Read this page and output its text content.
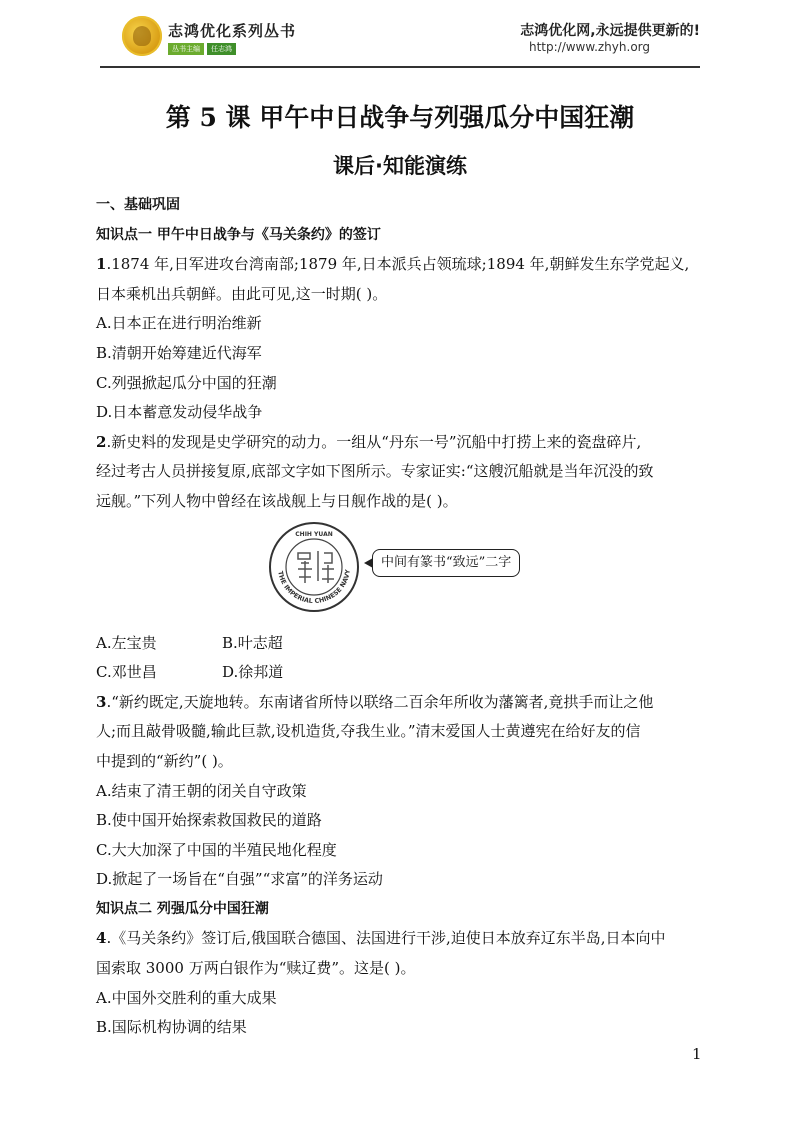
志鸿优化系列丛书
丛书主编	任志鸿
志鸿优化网,永远提供更新的!
http://www.zhyh.org
第 5 课 甲午中日战争与列强瓜分中国狂潮
课后·知能演练
一、基础巩固
知识点一 甲午中日战争与《马关条约》的签订
1.1874 年,日军进攻台湾南部;1879 年,日本派兵占领琉球;1894 年,朝鲜发生东学党起义,
日本乘机出兵朝鲜。由此可见,这一时期( )。
A.日本正在进行明治维新
B.清朝开始筹建近代海军
C.列强掀起瓜分中国的狂潮
D.日本蓄意发动侵华战争
2.新史料的发现是史学研究的动力。一组从“丹东一号”沉船中打捞上来的瓷盘碎片,
经过考古人员拼接复原,底部文字如下图所示。专家证实:“这艘沉船就是当年沉没的致
远舰。”下列人物中曾经在该战舰上与日舰作战的是( )。
THE IMPERIAL CHINESE NAVY
CHIH YUAN
中间有篆书“致远”二字
A.左宝贵	B.叶志超
C.邓世昌	D.徐邦道
3.“新约既定,天旋地转。东南诸省所恃以联络二百余年所收为藩篱者,竟拱手而让之他
人;而且敲骨吸髓,输此巨款,设机造货,夺我生业。”清末爱国人士黄遵宪在给好友的信
中提到的“新约”( )。
A.结束了清王朝的闭关自守政策
B.使中国开始探索救国救民的道路
C.大大加深了中国的半殖民地化程度
D.掀起了一场旨在“自强”“求富”的洋务运动
知识点二 列强瓜分中国狂潮
4.《马关条约》签订后,俄国联合德国、法国进行干涉,迫使日本放弃辽东半岛,日本向中
国索取 3000 万两白银作为“赎辽费”。这是( )。
A.中国外交胜利的重大成果
B.国际机构协调的结果
1
